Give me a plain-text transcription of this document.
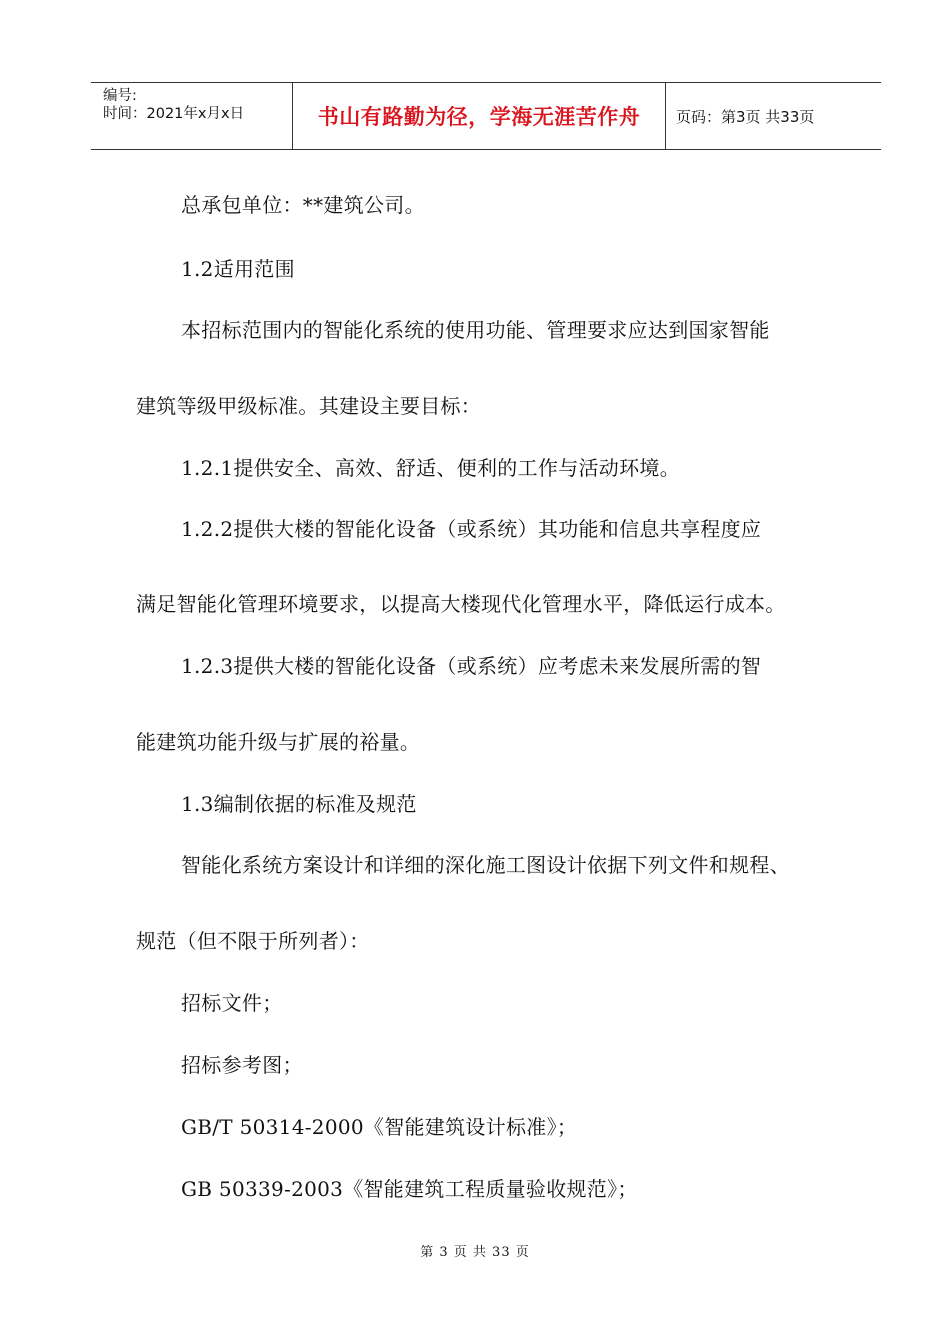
编号:
时间：2021年x月x日	书山有路勤为径，学海无涯苦作舟 页码：第3页 共33页
总承包单位：**建筑公司。
1.2适用范围
本招标范围内的智能化系统的使用功能、管理要求应达到国家智能
建筑等级甲级标准。其建设主要目标：
1.2.1提供安全、高效、舒适、便利的工作与活动环境。
1.2.2提供大楼的智能化设备（或系统）其功能和信息共享程度应
满足智能化管理环境要求，以提高大楼现代化管理水平，降低运行成本。
1.2.3提供大楼的智能化设备（或系统）应考虑未来发展所需的智
能建筑功能升级与扩展的裕量。
1.3编制依据的标准及规范
智能化系统方案设计和详细的深化施工图设计依据下列文件和规程、
规范（但不限于所列者）：
招标文件；
招标参考图；
GB/T 50314-2000《智能建筑设计标准》；
GB 50339-2003《智能建筑工程质量验收规范》；
第 3 页 共 33 页
